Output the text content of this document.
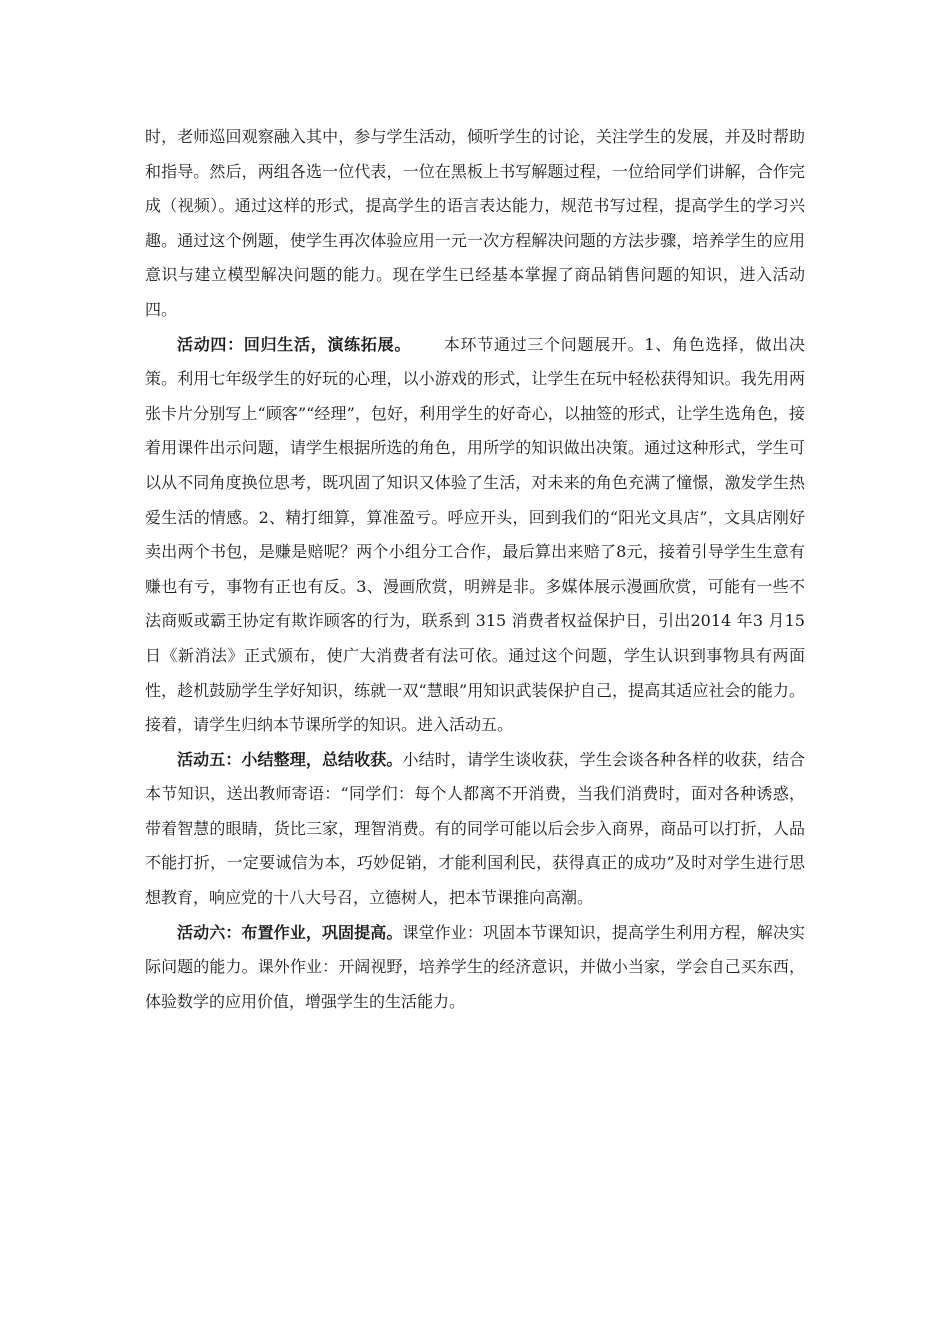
时，老师巡回观察融入其中，参与学生活动，倾听学生的讨论，关注学生的发展，并及时帮助和指导。然后，两组各选一位代表，一位在黑板上书写解题过程，一位给同学们讲解，合作完成（视频）。通过这样的形式，提高学生的语言表达能力，规范书写过程，提高学生的学习兴趣。通过这个例题，使学生再次体验应用一元一次方程解决问题的方法步骤，培养学生的应用意识与建立模型解决问题的能力。现在学生已经基本掌握了商品销售问题的知识，进入活动四。

活动四：回归生活，演练拓展。 本环节通过三个问题展开。1、角色选择，做出决策。利用七年级学生的好玩的心理，以小游戏的形式，让学生在玩中轻松获得知识。我先用两张卡片分别写上“顾客”“经理”，包好，利用学生的好奇心，以抽签的形式，让学生选角色，接着用课件出示问题，请学生根据所选的角色，用所学的知识做出决策。通过这种形式，学生可以从不同角度换位思考，既巩固了知识又体验了生活，对未来的角色充满了憧憬，激发学生热爱生活的情感。2、精打细算，算准盈亏。呼应开头，回到我们的“阳光文具店”，文具店刚好卖出两个书包，是赚是赔呢？两个小组分工合作，最后算出来赔了8元，接着引导学生生意有赚也有亏，事物有正也有反。3、漫画欣赏，明辨是非。多媒体展示漫画欣赏，可能有一些不法商贩或霸王协定有欺诈顾客的行为，联系到 315 消费者权益保护日，引出2014 年3 月15 日《新消法》正式颁布，使广大消费者有法可依。通过这个问题，学生认识到事物具有两面性，趁机鼓励学生学好知识，练就一双“慧眼”用知识武装保护自己，提高其适应社会的能力。接着，请学生归纳本节课所学的知识。进入活动五。

活动五：小结整理，总结收获。小结时，请学生谈收获，学生会谈各种各样的收获，结合本节知识，送出教师寄语：“同学们：每个人都离不开消费，当我们消费时，面对各种诱惑，带着智慧的眼睛，货比三家，理智消费。有的同学可能以后会步入商界，商品可以打折，人品不能打折，一定要诚信为本，巧妙促销，才能利国利民，获得真正的成功”及时对学生进行思想教育，响应党的十八大号召，立德树人，把本节课推向高潮。

活动六：布置作业，巩固提高。课堂作业：巩固本节课知识，提高学生利用方程，解决实际问题的能力。课外作业：开阔视野，培养学生的经济意识，并做小当家，学会自己买东西，体验数学的应用价值，增强学生的生活能力。
